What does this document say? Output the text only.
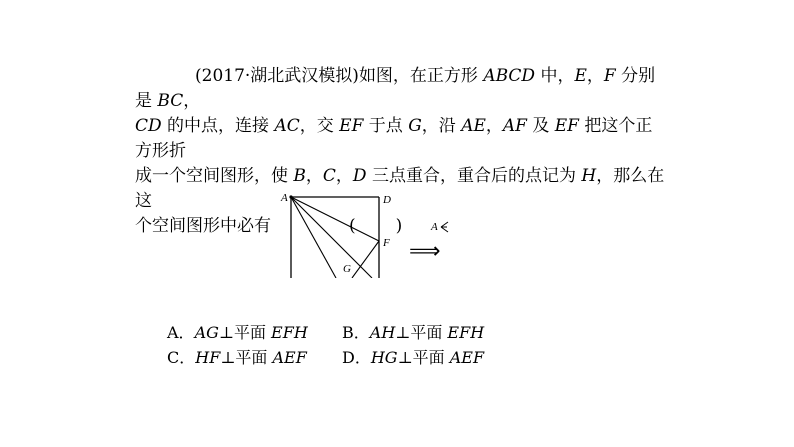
(2017·湖北武汉模拟)如图，在正方形 ABCD 中，E，F 分别是 BC，

CD 的中点，连接 AC，交 EF 于点 G，沿 AE，AF 及 EF 把这个正方形折

成一个空间图形，使 B，C，D 三点重合，重合后的点记为 H，那么在这

个空间图形中必有	(　　)

A	D
F
G
⟹
A
A．AG⊥平面 EFH	B．AH⊥平面 EFH
C．HF⊥平面 AEF	D．HG⊥平面 AEF
